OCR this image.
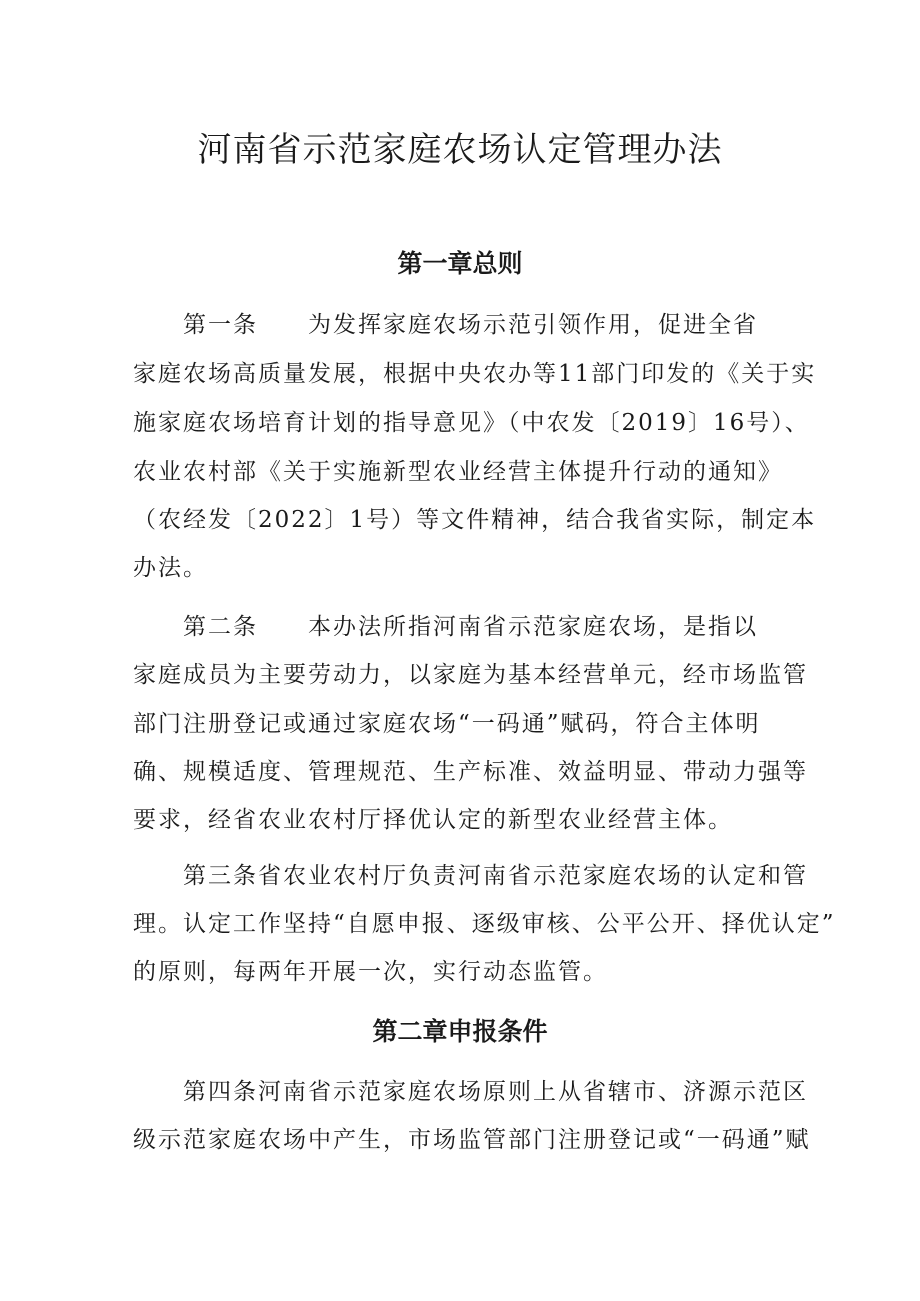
河南省示范家庭农场认定管理办法
第一章总则
第一条　　为发挥家庭农场示范引领作用，促进全省
家庭农场高质量发展，根据中央农办等11部门印发的《关于实
施家庭农场培育计划的指导意见》（中农发〔2019〕16号）、
农业农村部《关于实施新型农业经营主体提升行动的通知》
（农经发〔2022〕1号）等文件精神，结合我省实际，制定本
办法。
第二条　　本办法所指河南省示范家庭农场，是指以
家庭成员为主要劳动力，以家庭为基本经营单元，经市场监管
部门注册登记或通过家庭农场“一码通”赋码，符合主体明
确、规模适度、管理规范、生产标准、效益明显、带动力强等
要求，经省农业农村厅择优认定的新型农业经营主体。
第三条省农业农村厅负责河南省示范家庭农场的认定和管
理。认定工作坚持“自愿申报、逐级审核、公平公开、择优认定”
的原则，每两年开展一次，实行动态监管。
第二章申报条件
第四条河南省示范家庭农场原则上从省辖市、济源示范区
级示范家庭农场中产生，市场监管部门注册登记或“一码通”赋
